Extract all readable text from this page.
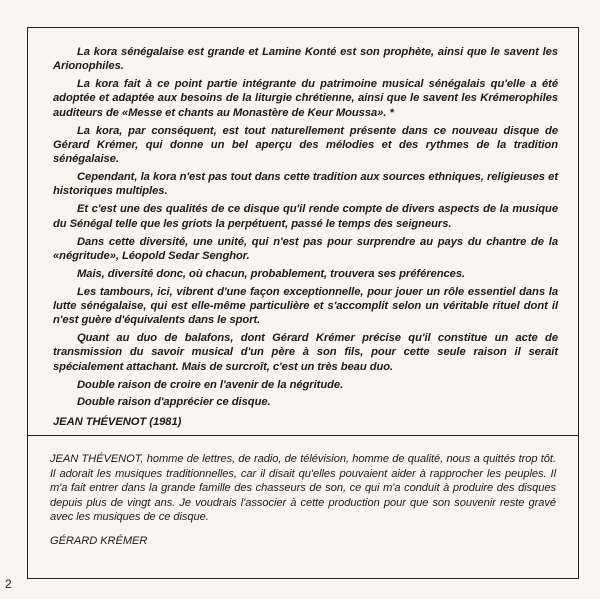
La kora sénégalaise est grande et Lamine Konté est son prophète, ainsi que le savent les Arionophiles.

La kora fait à ce point partie intégrante du patrimoine musical sénégalais qu'elle a été adoptée et adaptée aux besoins de la liturgie chrétienne, ainsi que le savent les Krémerophiles auditeurs de «Messe et chants au Monastère de Keur Moussa». *

La kora, par conséquent, est tout naturellement présente dans ce nouveau disque de Gérard Krémer, qui donne un bel aperçu des mélodies et des rythmes de la tradition sénégalaise.

Cependant, la kora n'est pas tout dans cette tradition aux sources ethniques, religieuses et historiques multiples.

Et c'est une des qualités de ce disque qu'il rende compte de divers aspects de la musique du Sénégal telle que les griots la perpétuent, passé le temps des seigneurs.

Dans cette diversité, une unité, qui n'est pas pour surprendre au pays du chantre de la «négritude», Léopold Sedar Senghor.

Mais, diversité donc, où chacun, probablement, trouvera ses préférences.

Les tambours, ici, vibrent d'une façon exceptionnelle, pour jouer un rôle essentiel dans la lutte sénégalaise, qui est elle-même particulière et s'accomplit selon un véritable rituel dont il n'est guère d'équivalents dans le sport.

Quant au duo de balafons, dont Gérard Krémer précise qu'il constitue un acte de transmission du savoir musical d'un père à son fils, pour cette seule raison il serait spécialement attachant. Mais de surcroît, c'est un très beau duo.

Double raison de croire en l'avenir de la négritude.

Double raison d'apprécier ce disque.

JEAN THÉVENOT (1981)

JEAN THÉVENOT, homme de lettres, de radio, de télévision, homme de qualité, nous a quittés trop tôt. Il adorait les musiques traditionnelles, car il disait qu'elles pouvaient aider à rapprocher les peuples. Il m'a fait entrer dans la grande famille des chasseurs de son, ce qui m'a conduit à produire des disques depuis plus de vingt ans. Je voudrais l'associer à cette production pour que son souvenir reste gravé avec les musiques de ce disque.

GÉRARD KRÉMER

2
